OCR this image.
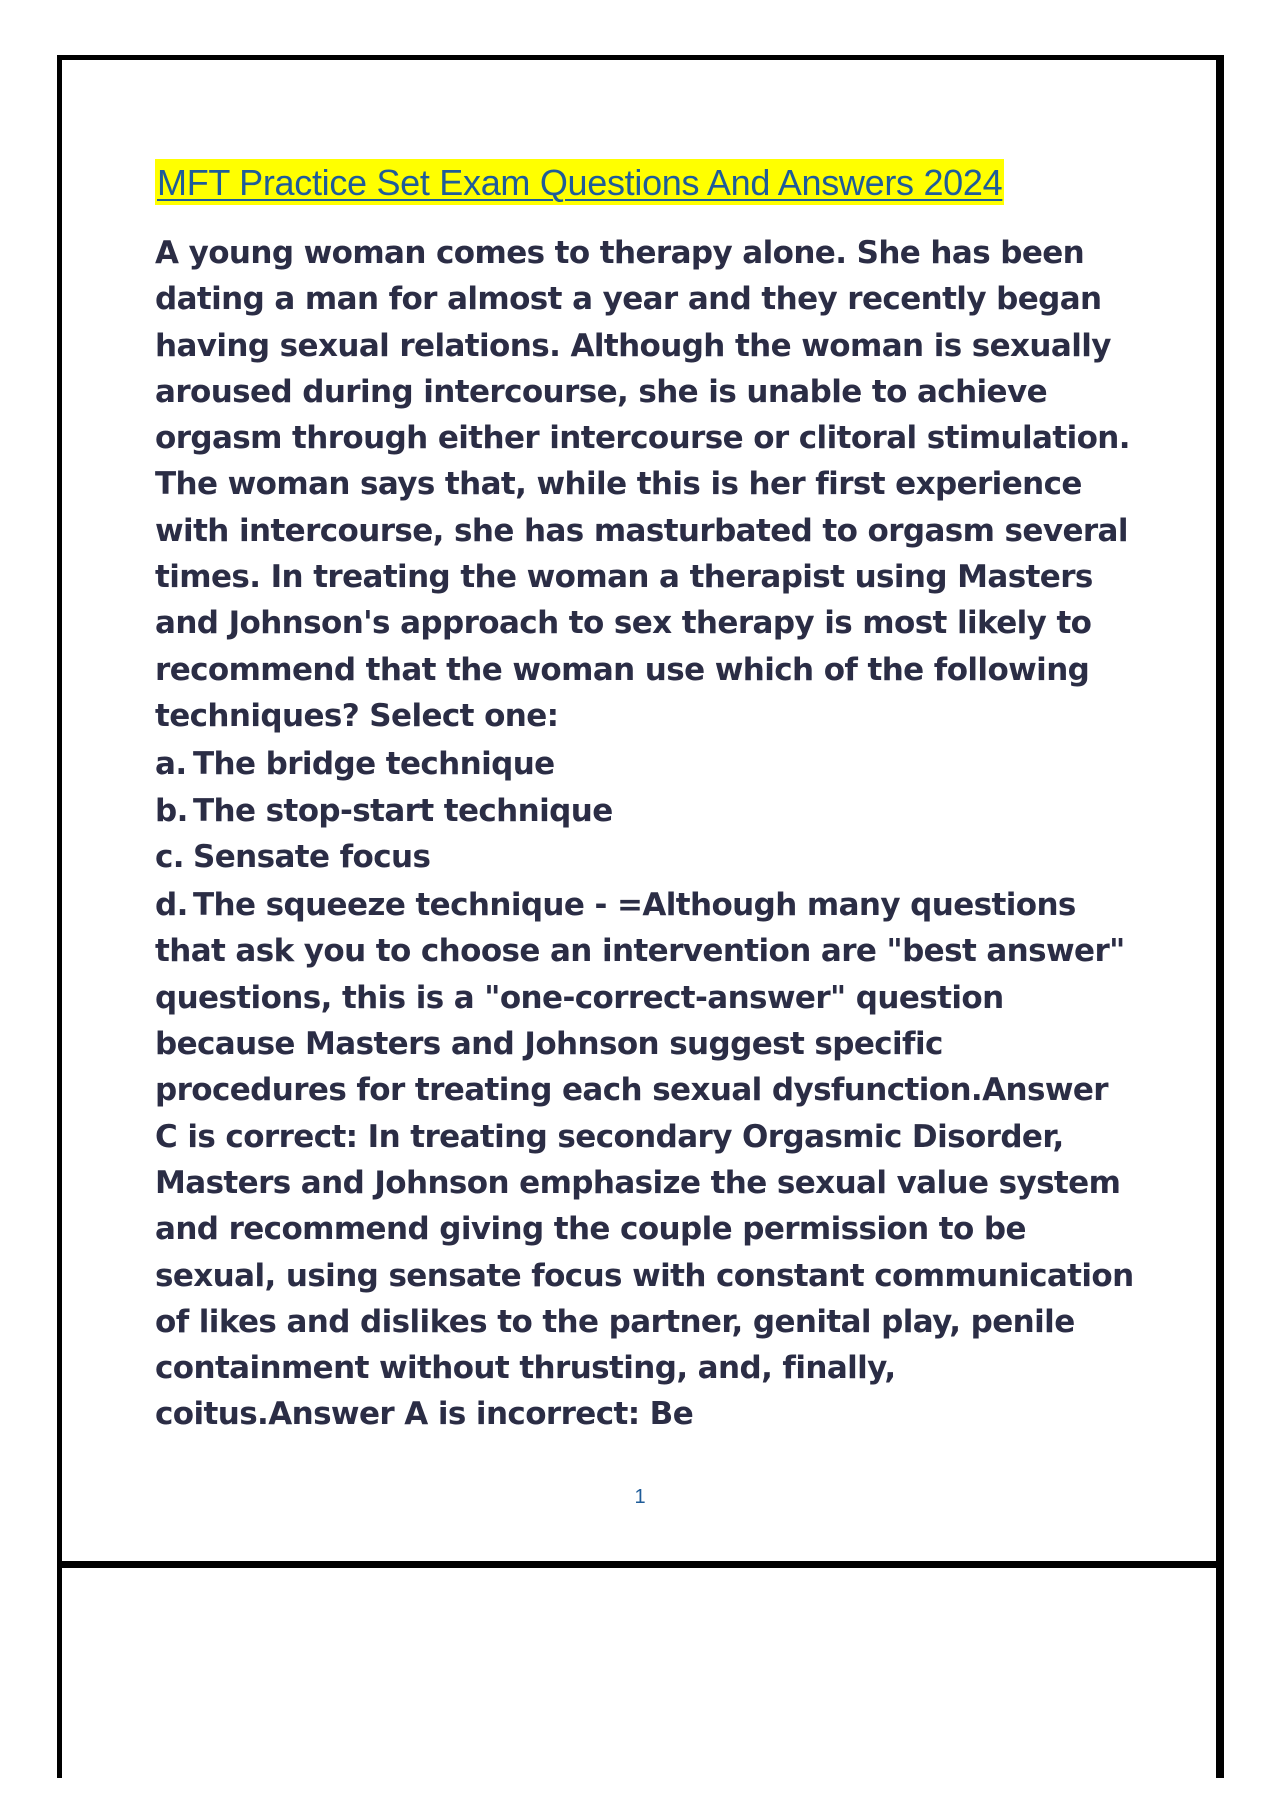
MFT Practice Set Exam Questions And Answers 2024

A young woman comes to therapy alone. She has been dating a man for almost a year and they recently began having sexual relations. Although the woman is sexually aroused during intercourse, she is unable to achieve orgasm through either intercourse or clitoral stimulation. The woman says that, while this is her first experience with intercourse, she has masturbated to orgasm several times. In treating the woman a therapist using Masters and Johnson's approach to sex therapy is most likely to recommend that the woman use which of the following techniques? Select one:

a. The bridge technique

b. The stop-start technique

c. Sensate focus

d. The squeeze technique - =Although many questions that ask you to choose an intervention are "best answer" questions, this is a "one-correct-answer" question because Masters and Johnson suggest specific procedures for treating each sexual dysfunction.Answer C is correct: In treating secondary Orgasmic Disorder, Masters and Johnson emphasize the sexual value system and recommend giving the couple permission to be sexual, using sensate focus with constant communication of likes and dislikes to the partner, genital play, penile containment without thrusting, and, finally, coitus.Answer A is incorrect: Be

1
